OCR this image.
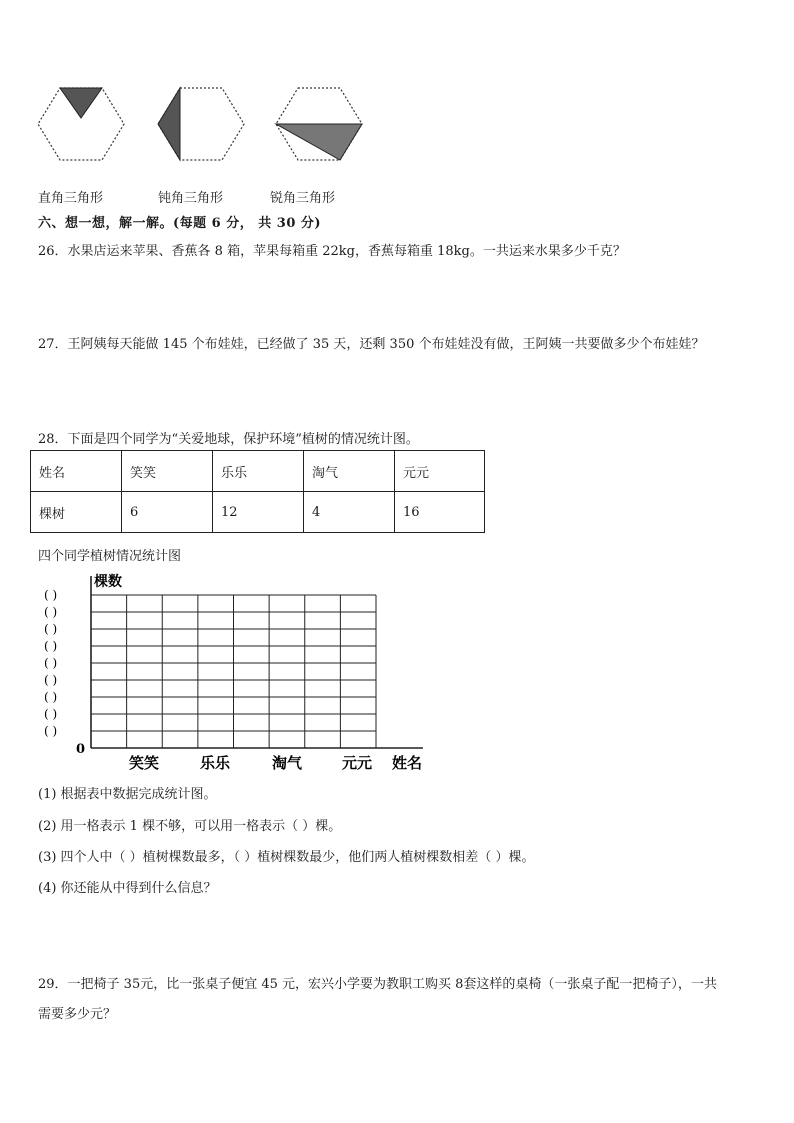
直角三角形	钝角三角形	锐角三角形
六、想一想，解一解。(每题 6 分， 共 30 分)
26．水果店运来苹果、香蕉各 8 箱，苹果每箱重 22kg，香蕉每箱重 18kg。一共运来水果多少千克？
27．王阿姨每天能做 145 个布娃娃，已经做了 35 天，还剩 350 个布娃娃没有做，王阿姨一共要做多少个布娃娃？
28．下面是四个同学为“关爱地球，保护环境”植树的情况统计图。
姓名	笑笑	乐乐	淘气	元元
棵树	6	12	4	16
四个同学植树情况统计图
( )
( )
( )
( )
( )
( )
( )
( )
( )
棵数
0
姓名
笑笑	乐乐	淘气	元元
(1) 根据表中数据完成统计图。
(2) 用一格表示 1 棵不够，可以用一格表示（ ）棵。
(3) 四个人中（ ）植树棵数最多，（ ）植树棵数最少，他们两人植树棵数相差（ ）棵。
(4) 你还能从中得到什么信息？
29．一把椅子 35元，比一张桌子便宜 45 元，宏兴小学要为教职工购买 8套这样的桌椅（一张桌子配一把椅子），一共
需要多少元？
